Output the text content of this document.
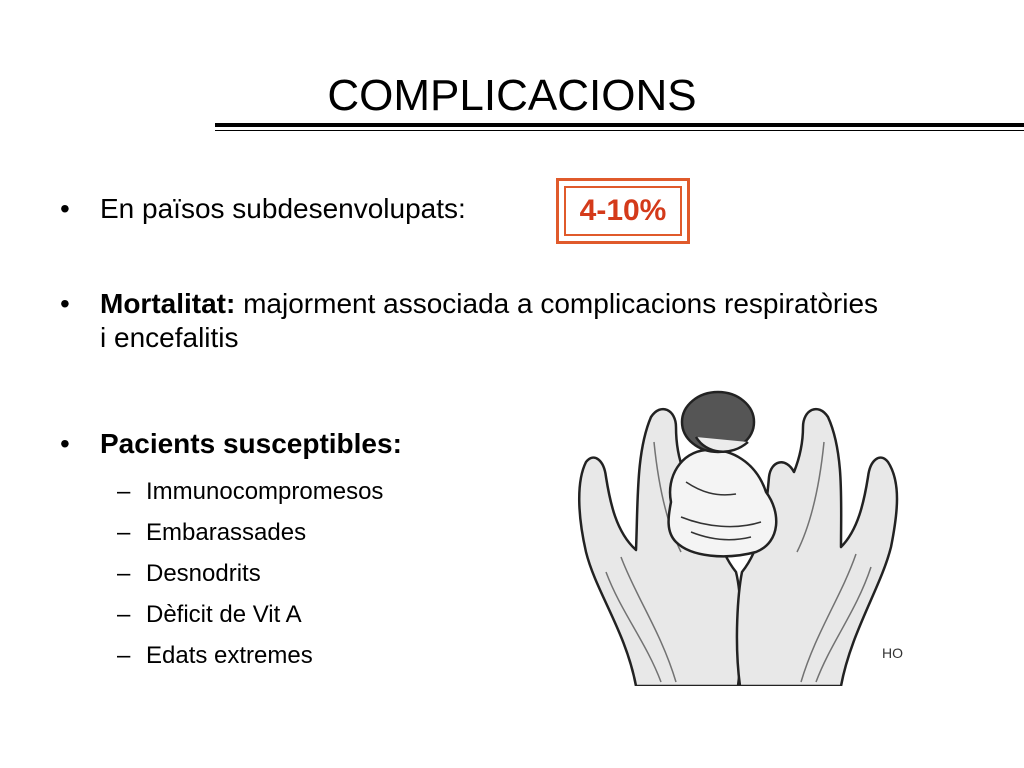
COMPLICACIONS
•	En països subdesenvolupats:	4-10%
•	Mortalitat: majorment associada a complicacions respiratòries i encefalitis
•	Pacients susceptibles:
– Immunocompromesos
– Embarassades
– Desnodrits
– Dèficit de Vit A
– Edats extremes	HO
